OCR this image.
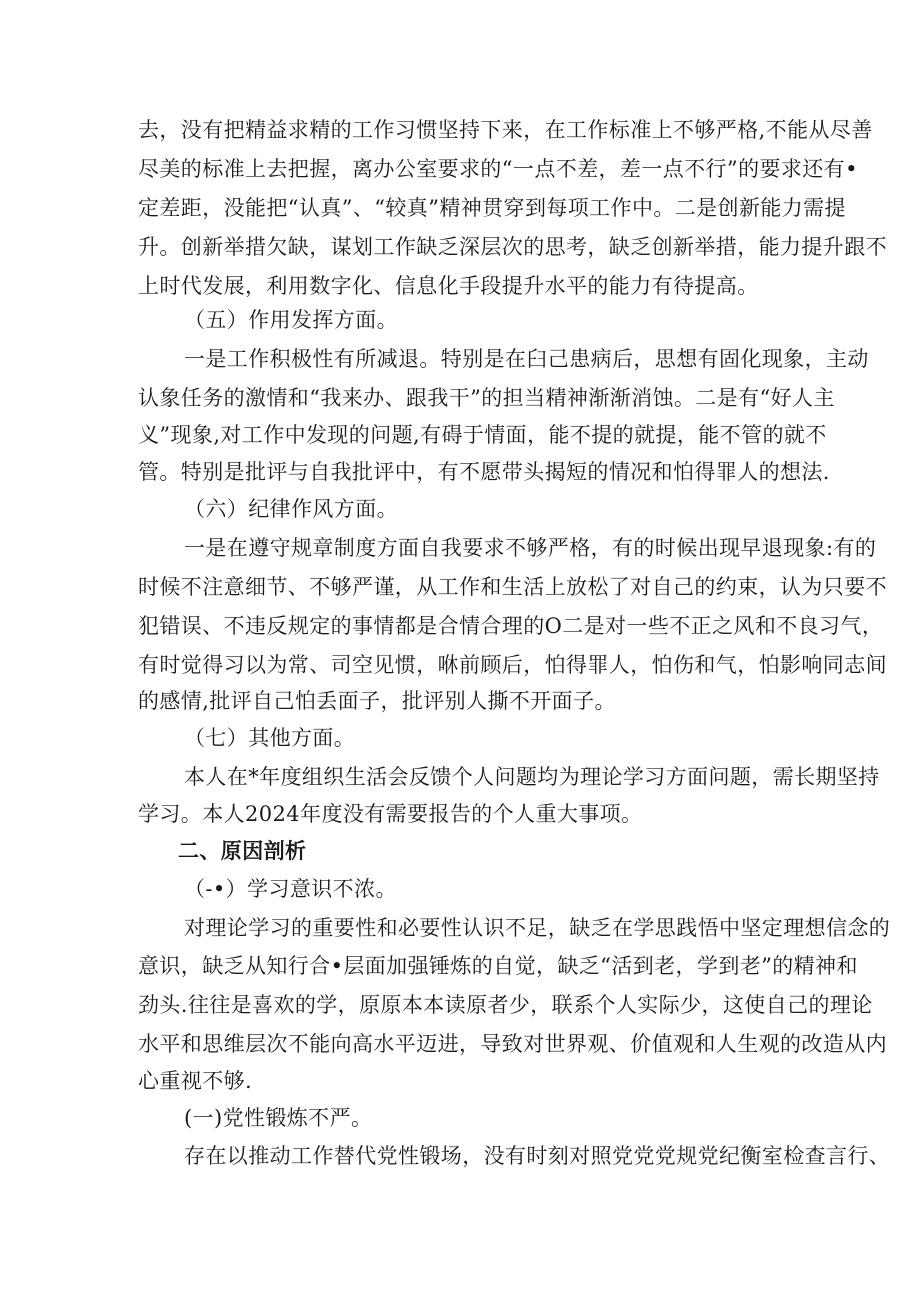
去，没有把精益求精的工作习惯坚持下来，在工作标准上不够严格,不能从尽善
尽美的标准上去把握，离办公室要求的“一点不差，差一点不行”的要求还有•
定差距，没能把“认真”、“较真”精神贯穿到每项工作中。二是创新能力需提
升。创新举措欠缺，谋划工作缺乏深层次的思考，缺乏创新举措，能力提升跟不
上时代发展，利用数字化、信息化手段提升水平的能力有待提高。
（五）作用发挥方面。
一是工作积极性有所减退。特别是在臼己患病后，思想有固化现象，主动
认象任务的激情和“我来办、跟我干”的担当精神渐渐消蚀。二是有“好人主
义”现象,对工作中发现的问题,有碍于情面，能不提的就提，能不管的就不
管。特别是批评与自我批评中，有不愿带头揭短的情况和怕得罪人的想法.
（六）纪律作风方面。
一是在遵守规章制度方面自我要求不够严格，有的时候出现早退现象:有的
时候不注意细节、不够严谨，从工作和生活上放松了对自己的约束，认为只要不
犯错误、不违反规定的事情都是合情合理的O二是对一些不正之风和不良习气，
有时觉得习以为常、司空见惯，咻前顾后，怕得罪人，怕伤和气，怕影响同志间
的感情,批评自己怕丢面子，批评别人撕不开面子。
（七）其他方面。
本人在*年度组织生活会反馈个人问题均为理论学习方面问题，需长期坚持
学习。本人2024年度没有需要报告的个人重大事项。
二、原因剖析
（-•）学习意识不浓。
对理论学习的重要性和必要性认识不足，缺乏在学思践悟中坚定理想信念的
意识，缺乏从知行合•层面加强锤炼的自觉，缺乏“活到老，学到老”的精神和
劲头.往往是喜欢的学，原原本本读原者少，联系个人实际少，这使自己的理论
水平和思维层次不能向高水平迈进，导致对世界观、价值观和人生观的改造从内
心重视不够.
(一)党性锻炼不严。
存在以推动工作替代党性锻场，没有时刻对照党党党规党纪衡室检查言行、
